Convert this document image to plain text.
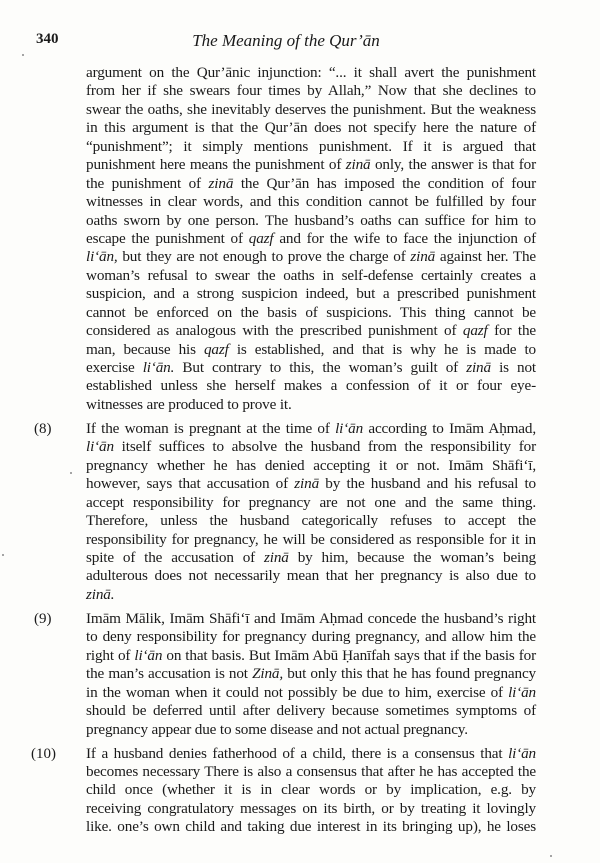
340	The Meaning of the Qur’ān
argument on the Qur’ānic injunction: “... it shall avert the punishment
from her if she swears four times by Allah,” Now that she declines to
swear the oaths, she inevitably deserves the punishment. But the weakness
in this argument is that the Qur’ān does not specify here the nature of
“punishment”; it simply mentions punishment. If it is argued that
punishment here means the punishment of zinā only, the answer is that for
the punishment of zinā the Qur’ān has imposed the condition of four
witnesses in clear words, and this condition cannot be fulfilled by four
oaths sworn by one person. The husband’s oaths can suffice for him to
escape the punishment of qazf and for the wife to face the injunction of
li‘ān, but they are not enough to prove the charge of zinā against her. The
woman’s refusal to swear the oaths in self-defense certainly creates a
suspicion, and a strong suspicion indeed, but a prescribed punishment
cannot be enforced on the basis of suspicions. This thing cannot be
considered as analogous with the prescribed punishment of qazf for the
man, because his qazf is established, and that is why he is made to
exercise li‘ān. But contrary to this, the woman’s guilt of zinā is not
established unless she herself makes a confession of it or four eye-
witnesses are produced to prove it.
(8) If the woman is pregnant at the time of li‘ān according to Imām Aḥmad,
li‘ān itself suffices to absolve the husband from the responsibility for
pregnancy whether he has denied accepting it or not. Imām Shāfi‘ī,
however, says that accusation of zinā by the husband and his refusal to
accept responsibility for pregnancy are not one and the same thing.
Therefore, unless the husband categorically refuses to accept the
responsibility for pregnancy, he will be considered as responsible for it in
spite of the accusation of zinā by him, because the woman’s being
adulterous does not necessarily mean that her pregnancy is also due to
zinā.
(9) Imām Mālik, Imām Shāfi‘ī and Imām Aḥmad concede the husband’s right
to deny responsibility for pregnancy during pregnancy, and allow him the
right of li‘ān on that basis. But Imām Abū Ḥanīfah says that if the basis for
the man’s accusation is not Zinā, but only this that he has found pregnancy
in the woman when it could not possibly be due to him, exercise of li‘ān
should be deferred until after delivery because sometimes symptoms of
pregnancy appear due to some disease and not actual pregnancy.
(10) If a husband denies fatherhood of a child, there is a consensus that li‘ān
becomes necessary There is also a consensus that after he has accepted the
child once (whether it is in clear words or by implication, e.g. by
receiving congratulatory messages on its birth, or by treating it lovingly
like. one’s own child and taking due interest in its bringing up), he loses
